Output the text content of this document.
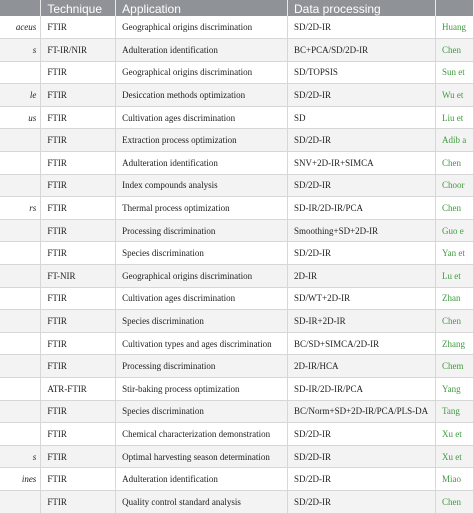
	Technique	Application	Data processing	
aceus	FTIR	Geographical origins discrimination	SD/2D-IR	Huang
s	FT-IR/NIR	Adulteration identification	BC+PCA/SD/2D-IR	Chen
	FTIR	Geographical origins discrimination	SD/TOPSIS	Sun et
le	FTIR	Desiccation methods optimization	SD/2D-IR	Wu et
us	FTIR	Cultivation ages discrimination	SD	Liu et
	FTIR	Extraction process optimization	SD/2D-IR	Adib a
	FTIR	Adulteration identification	SNV+2D-IR+SIMCA	Chen
	FTIR	Index compounds analysis	SD/2D-IR	Choor
rs	FTIR	Thermal process optimization	SD-IR/2D-IR/PCA	Chen
	FTIR	Processing discrimination	Smoothing+SD+2D-IR	Guo e
	FTIR	Species discrimination	SD/2D-IR	Yan et
	FT-NIR	Geographical origins discrimination	2D-IR	Lu et
	FTIR	Cultivation ages discrimination	SD/WT+2D-IR	Zhan
	FTIR	Species discrimination	SD-IR+2D-IR	Chen
	FTIR	Cultivation types and ages discrimination	BC/SD+SIMCA/2D-IR	Zhang
	FTIR	Processing discrimination	2D-IR/HCA	Chem
	ATR-FTIR	Stir-baking process optimization	SD-IR/2D-IR/PCA	Yang
	FTIR	Species discrimination	BC/Norm+SD+2D-IR/PCA/PLS-DA	Tang
	FTIR	Chemical characterization demonstration	SD/2D-IR	Xu et
s	FTIR	Optimal harvesting season determination	SD/2D-IR	Xu et
ines	FTIR	Adulteration identification	SD/2D-IR	Miao
	FTIR	Quality control standard analysis	SD/2D-IR	Chen
